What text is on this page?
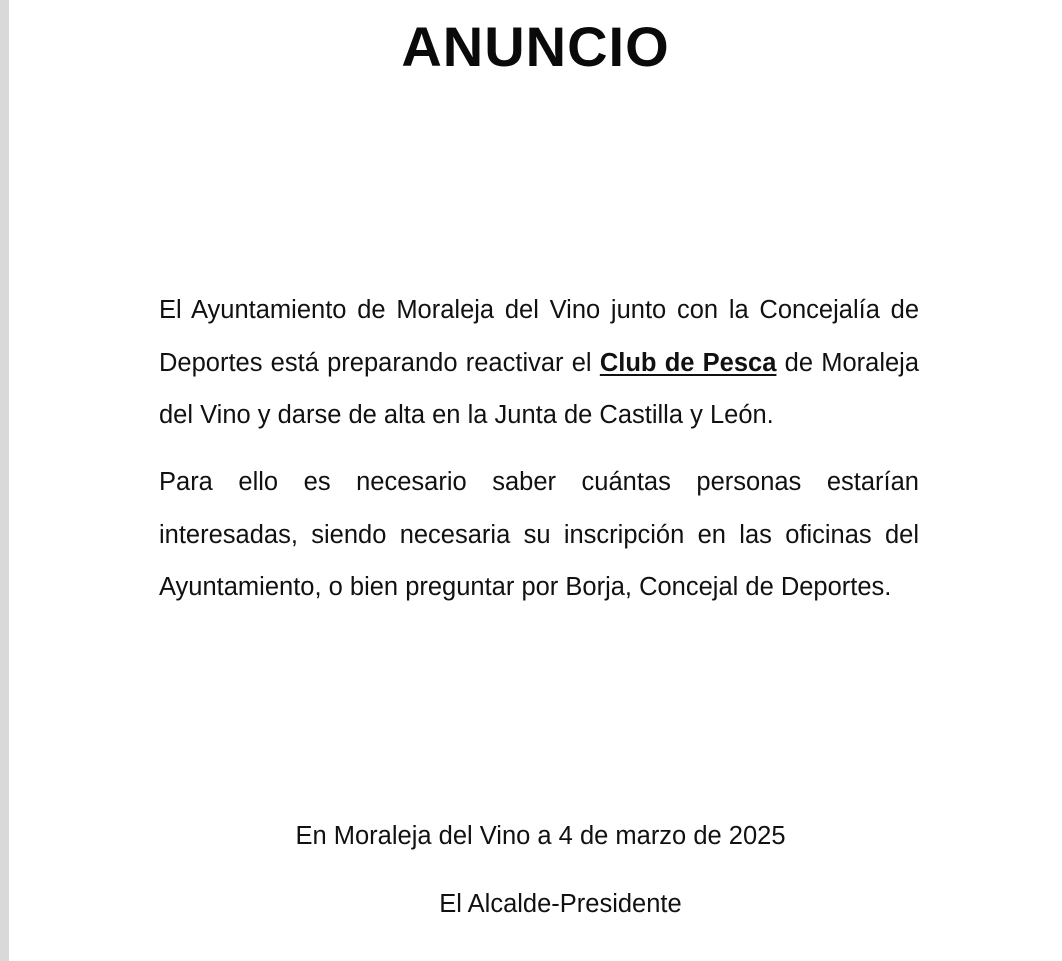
ANUNCIO

El Ayuntamiento de Moraleja del Vino junto con la Concejalía de Deportes está preparando reactivar el Club de Pesca de Moraleja del Vino y darse de alta en la Junta de Castilla y León.

Para ello es necesario saber cuántas personas estarían interesadas, siendo necesaria su inscripción en las oficinas del Ayuntamiento, o bien preguntar por Borja, Concejal de Deportes.

En Moraleja del Vino a 4 de marzo de 2025

El Alcalde-Presidente
